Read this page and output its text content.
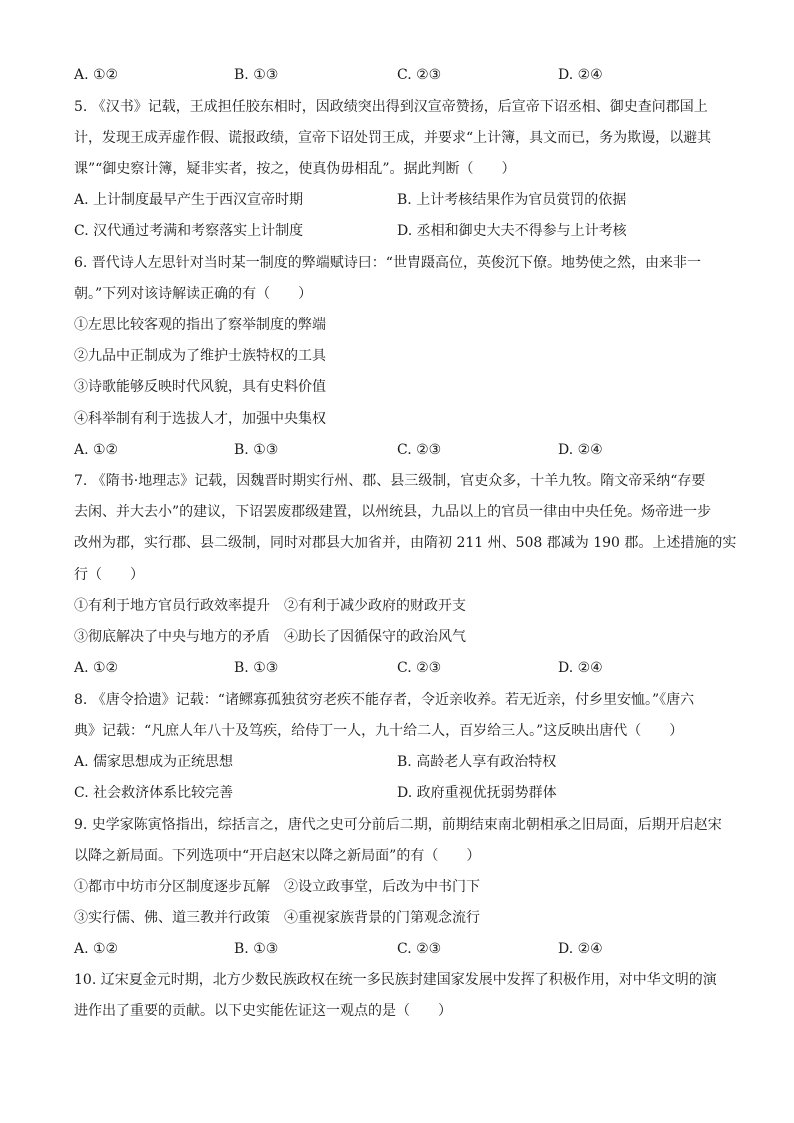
A. ①②	B. ①③	C. ②③	D. ②④
5. 《汉书》记载，王成担任胶东相时，因政绩突出得到汉宣帝赞扬，后宣帝下诏丞相、御史查问郡国上
计，发现王成弄虚作假、谎报政绩，宣帝下诏处罚王成，并要求“上计簿，具文而已，务为欺谩，以避其
课”“御史察计簿，疑非实者，按之，使真伪毋相乱”。据此判断（　　）
A. 上计制度最早产生于西汉宣帝时期	B. 上计考核结果作为官员赏罚的依据
C. 汉代通过考满和考察落实上计制度	D. 丞相和御史大夫不得参与上计考核
6. 晋代诗人左思针对当时某一制度的弊端赋诗曰：“世胄蹑高位，英俊沉下僚。地势使之然，由来非一
朝。”下列对该诗解读正确的有（　　）
①左思比较客观的指出了察举制度的弊端
②九品中正制成为了维护士族特权的工具
③诗歌能够反映时代风貌，具有史料价值
④科举制有利于选拔人才，加强中央集权
A. ①②	B. ①③	C. ②③	D. ②④
7. 《隋书·地理志》记载，因魏晋时期实行州、郡、县三级制，官吏众多，十羊九牧。隋文帝采纳“存要
去闲、并大去小”的建议，下诏罢废郡级建置，以州统县，九品以上的官员一律由中央任免。炀帝进一步
改州为郡，实行郡、县二级制，同时对郡县大加省并，由隋初 211 州、508 郡减为 190 郡。上述措施的实
行（　　）
①有利于地方官员行政效率提升　②有利于减少政府的财政开支
③彻底解决了中央与地方的矛盾　④助长了因循保守的政治风气
A. ①②	B. ①③	C. ②③	D. ②④
8. 《唐令拾遗》记载：“诸鳏寡孤独贫穷老疾不能存者，令近亲收养。若无近亲，付乡里安恤。”《唐六
典》记载：“凡庶人年八十及笃疾，给侍丁一人，九十给二人，百岁给三人。”这反映出唐代（　　）
A. 儒家思想成为正统思想	B. 高龄老人享有政治特权
C. 社会救济体系比较完善	D. 政府重视优抚弱势群体
9. 史学家陈寅恪指出，综括言之，唐代之史可分前后二期，前期结束南北朝相承之旧局面，后期开启赵宋
以降之新局面。下列选项中“开启赵宋以降之新局面”的有（　　）
①都市中坊市分区制度逐步瓦解　②设立政事堂，后改为中书门下
③实行儒、佛、道三教并行政策　④重视家族背景的门第观念流行
A. ①②	B. ①③	C. ②③	D. ②④
10. 辽宋夏金元时期，北方少数民族政权在统一多民族封建国家发展中发挥了积极作用，对中华文明的演
进作出了重要的贡献。以下史实能佐证这一观点的是（　　）
